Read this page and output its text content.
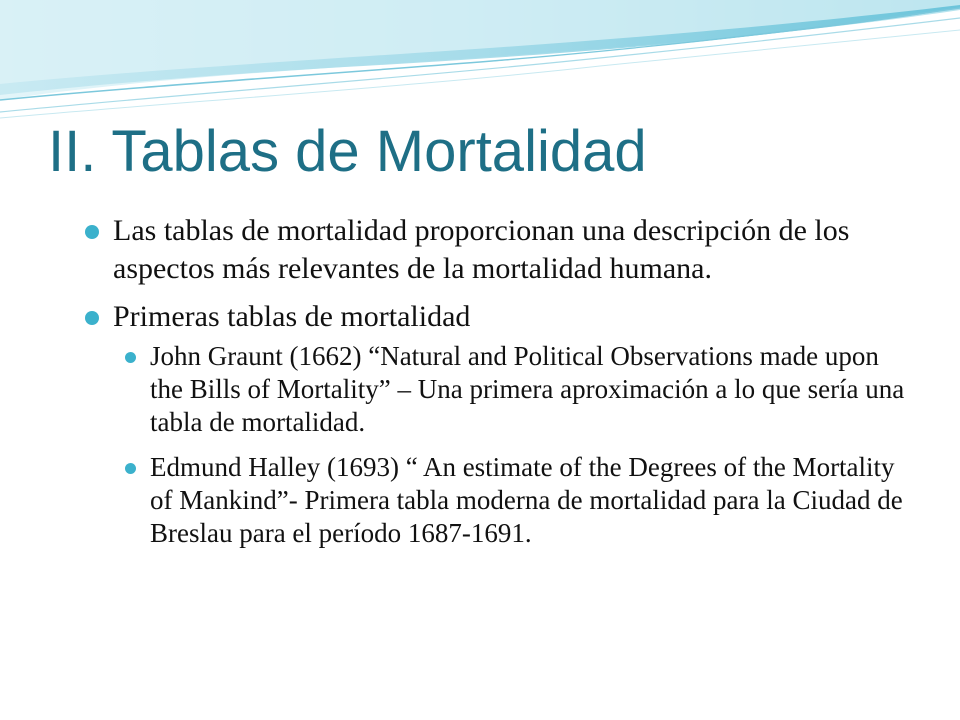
II. Tablas de Mortalidad
Las tablas de mortalidad proporcionan una descripción de los aspectos más relevantes de la mortalidad humana.
Primeras tablas de mortalidad
John Graunt (1662) “Natural and Political Observations made upon the Bills of Mortality” – Una primera aproximación a lo que sería una tabla de mortalidad.
Edmund Halley (1693) “ An estimate of the Degrees of the Mortality of Mankind”- Primera tabla moderna de mortalidad para la Ciudad de Breslau para el período 1687-1691.
